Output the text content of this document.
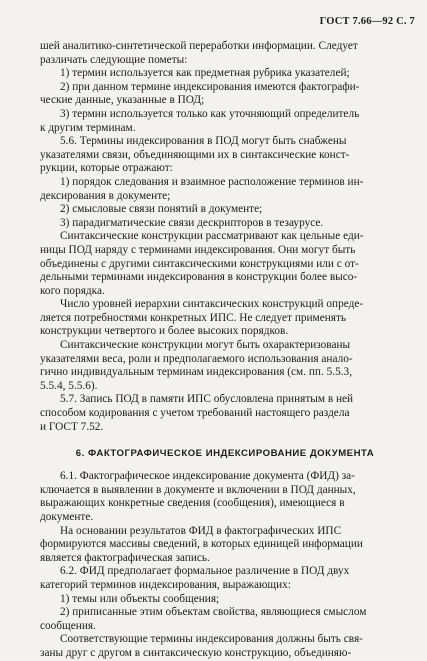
ГОСТ 7.66—92 С. 7
шей аналитико-синтетической переработки информации. Следует
различать следующие пометы:
1) термин используется как предметная рубрика указателей;
2) при данном термине индексирования имеются фактографи-
ческие данные, указанные в ПОД;
3) термин используется только как уточняющий определитель
к другим терминам.
5.6. Термины индексирования в ПОД могут быть снабжены
указателями связи, объединяющими их в синтаксические конст-
рукции, которые отражают:
1) порядок следования и взаимное расположение терминов ин-
дексирования в документе;
2) смысловые связи понятий в документе;
3) парадигматические связи дескрипторов в тезаурусе.
Синтаксические конструкции рассматривают как цельные еди-
ницы ПОД наряду с терминами индексирования. Они могут быть
объединены с другими синтаксическими конструкциями или с от-
дельными терминами индексирования в конструкции более высо-
кого порядка.
Число уровней иерархии синтаксических конструкций опреде-
ляется потребностями конкретных ИПС. Не следует применять
конструкции четвертого и более высоких порядков.
Синтаксические конструкции могут быть охарактеризованы
указателями веса, роли и предполагаемого использования анало-
гично индивидуальным терминам индексирования (см. пп. 5.5.3,
5.5.4, 5.5.6).
5.7. Запись ПОД в памяти ИПС обусловлена принятым в ней
способом кодирования с учетом требований настоящего раздела
и ГОСТ 7.52.
6. ФАКТОГРАФИЧЕСКОЕ ИНДЕКСИРОВАНИЕ ДОКУМЕНТА
6.1. Фактографическое индексирование документа (ФИД) за-
ключается в выявлении в документе и включении в ПОД данных,
выражающих конкретные сведения (сообщения), имеющиеся в
документе.
На основании результатов ФИД в фактографических ИПС
формируются массивы сведений, в которых единицей информации
является фактографическая запись.
6.2. ФИД предполагает формальное различение в ПОД двух
категорий терминов индексирования, выражающих:
1) темы или объекты сообщения;
2) приписанные этим объектам свойства, являющиеся смыслом
сообщения.
Соответствующие термины индексирования должны быть свя-
заны друг с другом в синтаксическую конструкцию, объединяю-
